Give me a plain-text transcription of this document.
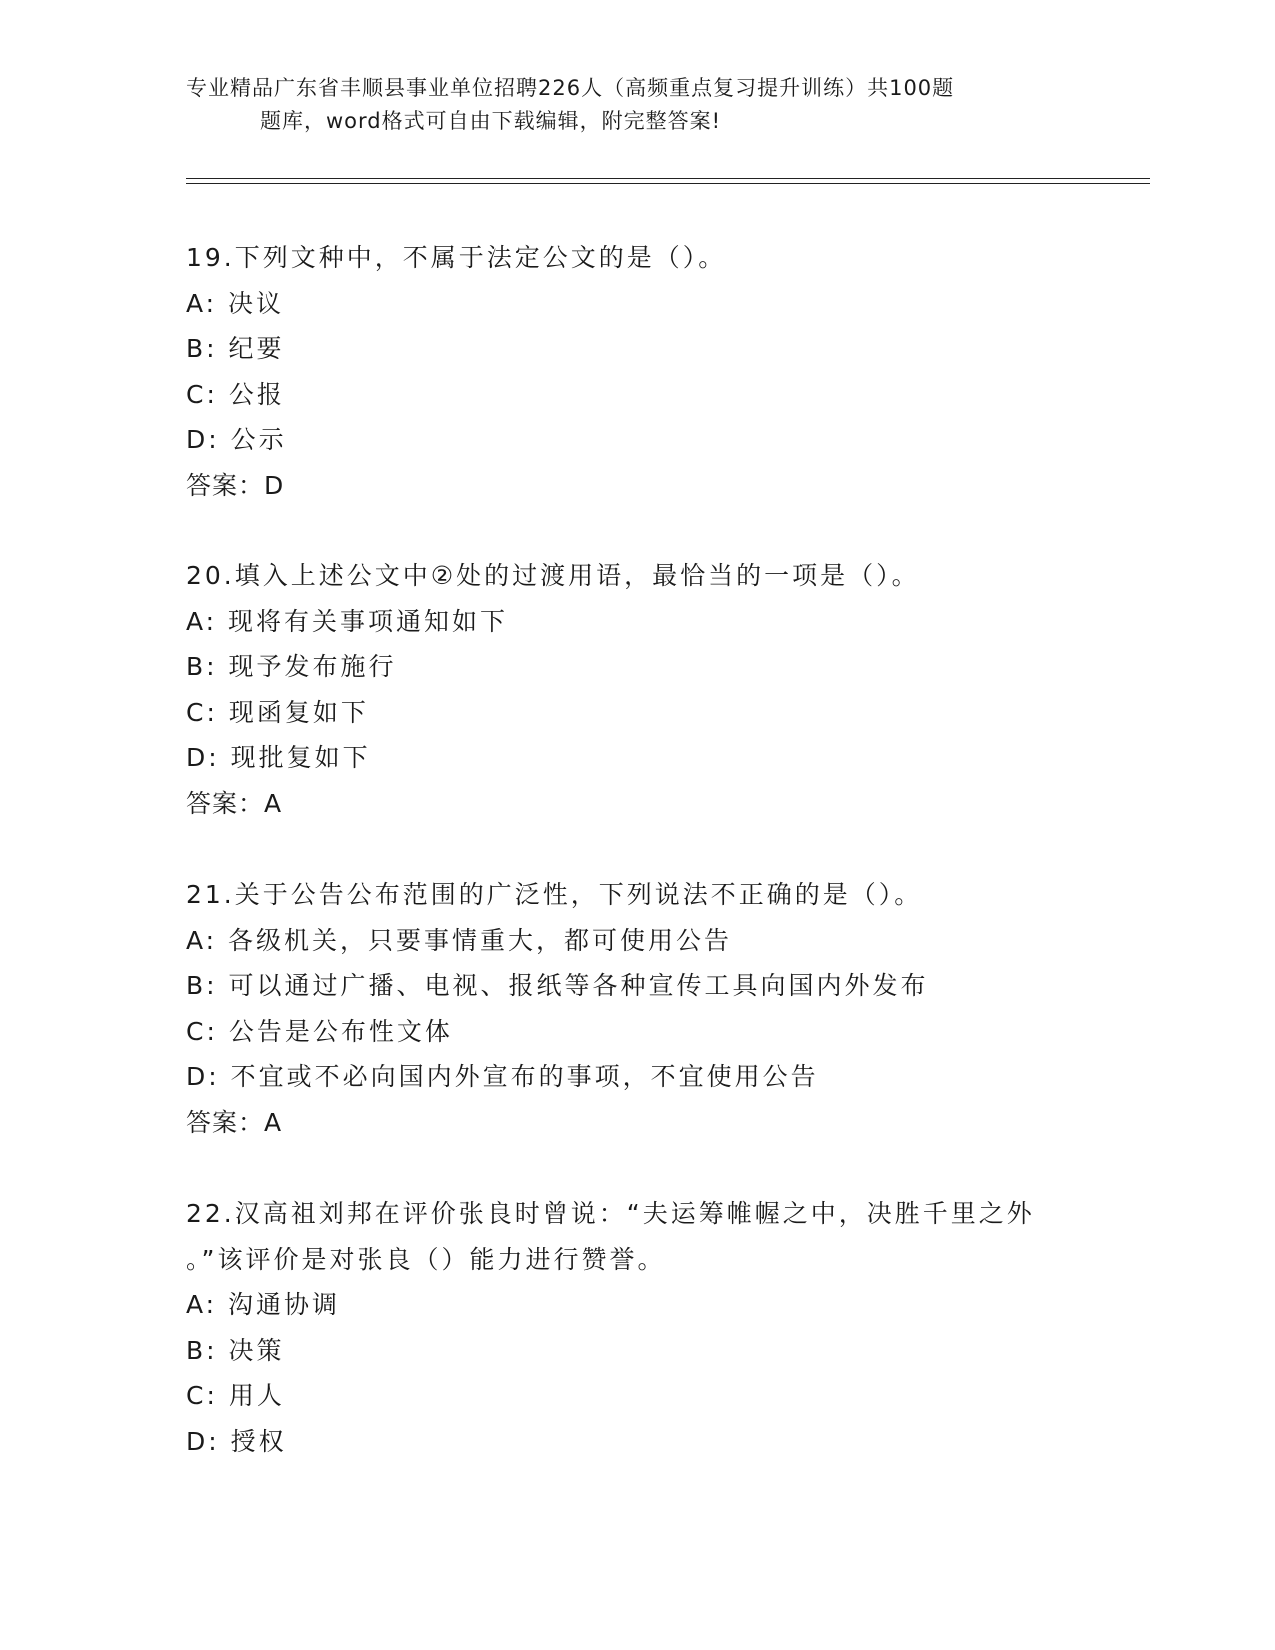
专业精品广东省丰顺县事业单位招聘226人（高频重点复习提升训练）共100题
题库，word格式可自由下载编辑，附完整答案!
19.下列文种中，不属于法定公文的是（）。
A: 决议
B: 纪要
C: 公报
D: 公示
答案：D
20.填入上述公文中②处的过渡用语，最恰当的一项是（）。
A: 现将有关事项通知如下
B: 现予发布施行
C: 现函复如下
D: 现批复如下
答案：A
21.关于公告公布范围的广泛性，下列说法不正确的是（）。
A: 各级机关，只要事情重大，都可使用公告
B: 可以通过广播、电视、报纸等各种宣传工具向国内外发布
C: 公告是公布性文体
D: 不宜或不必向国内外宣布的事项，不宜使用公告
答案：A
22.汉高祖刘邦在评价张良时曾说：“夫运筹帷幄之中，决胜千里之外
。”该评价是对张良（）能力进行赞誉。
A: 沟通协调
B: 决策
C: 用人
D: 授权
